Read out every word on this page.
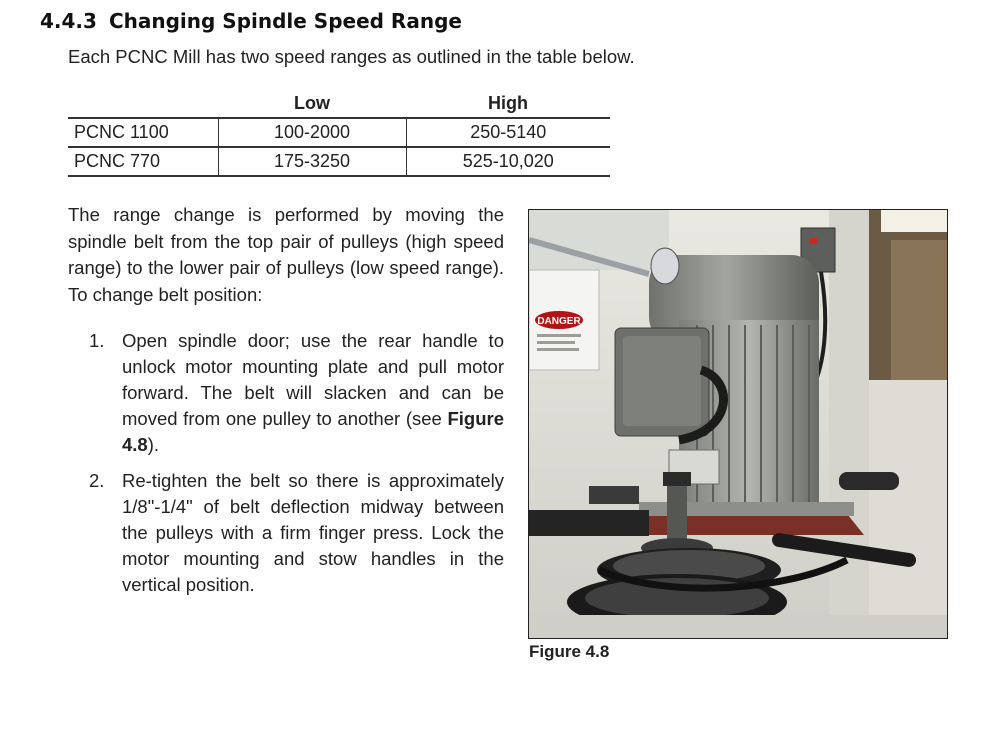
4.4.3 Changing Spindle Speed Range

Each PCNC Mill has two speed ranges as outlined in the table below.

	Low	High
PCNC 1100	100-2000	250-5140
PCNC 770	175-3250	525-10,020

The range change is performed by moving the spindle belt from the top pair of pulleys (high speed range) to the lower pair of pulleys (low speed range). To change belt position:

1. Open spindle door; use the rear handle to unlock motor mounting plate and pull motor forward. The belt will slacken and can be moved from one pulley to another (see Figure 4.8).
2. Re-tighten the belt so there is approximately 1/8"-1/4" of belt deflection midway between the pulleys with a firm finger press. Lock the motor mounting and stow handles in the vertical position.
DANGER

Figure 4.8
